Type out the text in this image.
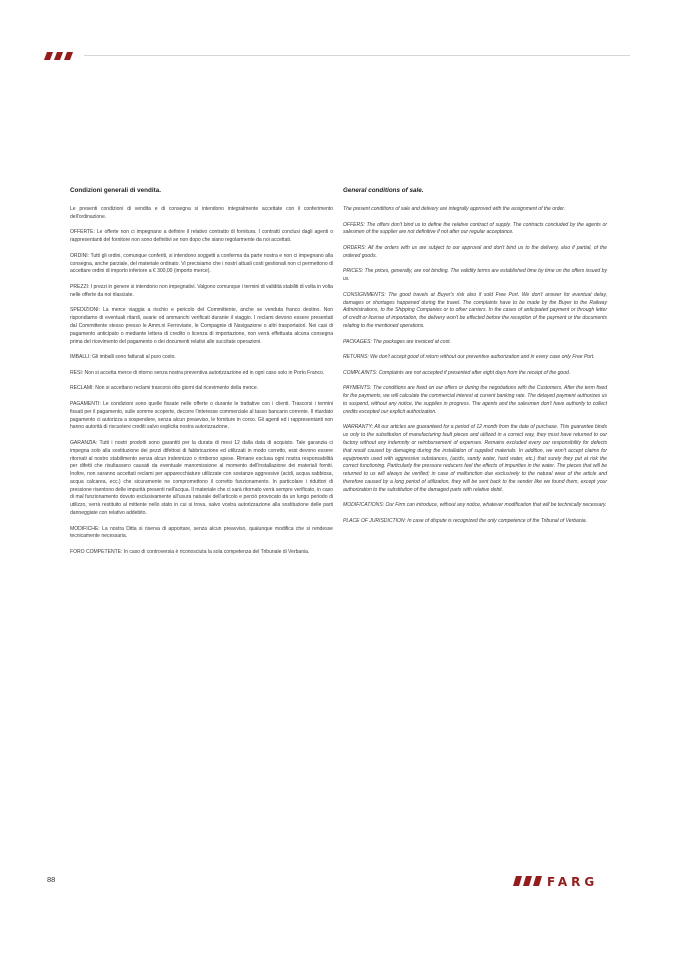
Condizioni generali di vendita.

Le presenti condizioni di vendita e di consegna si intendono integralmente accettate con il conferimento dell'ordinazione.

OFFERTE: Le offerte non ci impegnano a definire il relativo contratto di fornitura. I contratti conclusi dagli agenti o rappresentanti del fornitore non sono definitivi se non dopo che siano regolarmente da noi accettati.

ORDINI: Tutti gli ordini, comunque conferiti, si intendono soggetti a conferma da parte nostra e non ci impegnano alla consegna, anche parziale, del materiale ordinato. Vi precisiamo che i nostri attuali costi gestionali non ci permettono di accettare ordini di importo inferiore a € 300,00 (importo merce).

PREZZI: I prezzi in genere si intendono non impegnativi. Valgono comunque i termini di validità stabiliti di volta in volta nelle offerte da noi rilasciate.

SPEDIZIONI: La merce viaggia a rischio e pericolo del Committente, anche se venduta franco destino. Non rispondiamo di eventuali ritardi, avarie od ammanchi verificati durante il viaggio. I reclami devono essere presentati dal Committente stesso presso le Amm.ni Ferroviarie, le Compagnie di Navigazione o altri trasportatori. Nei casi di pagamento anticipato o mediante lettera di credito o licenza di importazione, non verrà effettuata alcuna consegna prima del ricevimento del pagamento o dei documenti relativi alle succitate operazioni.

IMBALLI: Gli imballi sono fatturati al puro costo.

RESI: Non si accetta merce di ritorno senza nostra preventiva autorizzazione ed in ogni caso solo in Porto Franco.

RECLAMI: Non si accettano reclami trascorsi otto giorni dal ricevimento della merce.

PAGAMENTI: Le condizioni sono quelle fissate nelle offerte o durante le trattative con i clienti. Trascorsi i termini fissati per il pagamento, sulle somme scoperte, decorre l'interesse commerciale al tasso bancario corrente. Il ritardato pagamento ci autorizza a sospendere, senza alcun preavviso, le forniture in corso. Gli agenti ed i rappresentanti non hanno autorità di riscuotere crediti salvo esplicita nostra autorizzazione.

GARANZIA: Tutti i nostri prodotti sono garantiti per la durata di mesi 12 dalla data di acquisto. Tale garanzia ci impegna solo alla sostituzione dei pezzi difettosi di fabbricazione ed utilizzati in modo corretto, essi devono essere ritornati al nostro stabilimento senza alcun indennizzo o rimborso spese. Rimane esclusa ogni nostra responsabilità per difetti che risultassero causati da eventuale manomissione al momento dell'installazione dei materiali forniti. Inoltre, non saranno accettati reclami per apparecchiature utilizzate con sostanze aggressive (acidi, acqua sabbiosa, acqua calcarea, ecc.) che sicuramente ne compromettono il corretto funzionamento. In particolare i riduttori di pressione risentono delle impurità presenti nell'acqua. Il materiale che ci sarà ritornato verrà sempre verificato, in caso di mal funzionamento dovuto esclusivamente all'usura naturale dell'articolo e perciò provocato da un lungo periodo di utilizzo, verrà restituito al mittente nello stato in cui si trova, salvo vostra autorizzazione alla sostituzione delle parti danneggiate con relativo addebito.

MODIFICHE: La nostra Ditta si riserva di apportare, senza alcun preavviso, qualunque modifica che si rendesse tecnicamente necessaria.

FORO COMPETENTE: In caso di controversia è riconosciuta la sola competenza del Tribunale di Verbania.

General conditions of sale.

The present conditions of sale and delivery are integrally approved with the assignment of the order.

OFFERS: The offers don't bind us to define the relative contract of supply. The contracts concluded by the agents or salesmen of the supplier are not definitive if not after our regular acceptance.

ORDERS: All the orders with us are subject to our approval and don't bind us to the delivery, also if partial, of the ordered goods.

PRICES: The prices, generally, are not binding. The validity terms are established time by time on the offers issued by us.

CONSIGNMENTS: The good travels at Buyer's risk also if sold Free Port. We don't answer for eventual delay, damages or shortages happened during the travel. The complaints have to be made by the Buyer to the Railway Administrations, to the Shipping Companies or to other carriers. In the cases of anticipated payment or through letter of credit or license of importation, the delivery won't be effected before the reception of the payment or the documents relating to the mentioned operations.

PACKAGES: The packages are invoiced at cost.

RETURNS: We don't accept good of return without our preventive authorization and in every case only Free Port.

COMPLAINTS: Complaints are not accepted if presented after eight days from the receipt of the good.

PAYMENTS: The conditions are fixed on our offers or during the negotiations with the Customers. After the term fixed for the payments, we will calculate the commercial interest at current banking rate. The delayed payment authorizes us to suspend, without any notice, the supplies in progress. The agents and the salesmen don't have authority to collect credits excepted our explicit authorization.

WARRANTY: All our articles are guaranteed for a period of 12 month from the date of purchase. This guarantee binds us only to the substitution of manufacturing fault pieces and utilized in a correct way, they must have returned to our factory without any indemnity or reimbursement of expenses. Remains excluded every our responsibility for defects that result caused by damaging during the installation of supplied materials. In addition, we won't accept claims for equipments used with aggressive substances, (acids, sandy water, hard water, etc.) that surely they put at risk the correct functioning. Particularly the pressure reducers feel the effects of impurities in the water. The pieces that will be returned to us will always be verified; in case of malfunction due exclusively to the natural wear of the article and therefore caused by a long period of utilization, they will be sent back to the sender like we found them, except your authorization to the substitution of the damaged parts with relative debit.

MODIFICATIONS: Our Firm can introduce, without any notice, whatever modification that will be technically necessary.

PLACE OF JURISDICTION: In case of dispute is recognized the only competence of the Tribunal of Verbania.

88	FARG
